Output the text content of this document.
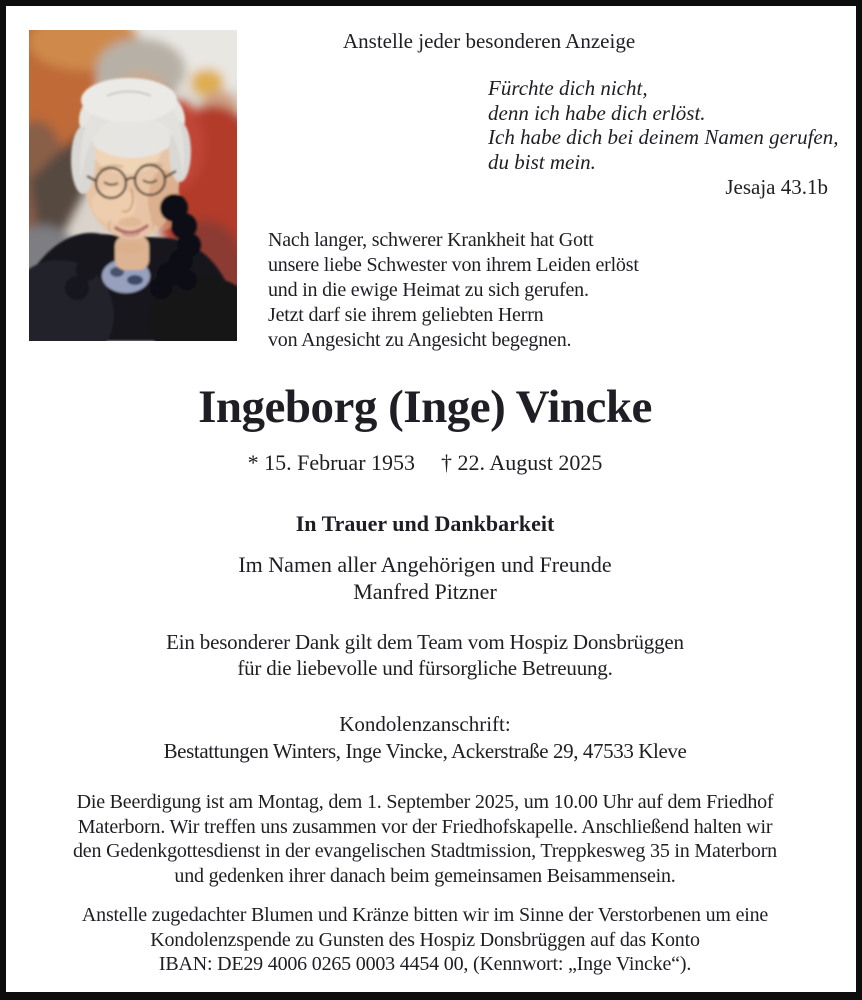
Anstelle jeder besonderen Anzeige
Fürchte dich nicht,
denn ich habe dich erlöst.
Ich habe dich bei deinem Namen gerufen,
du bist mein.
Jesaja 43.1b
Nach langer, schwerer Krankheit hat Gott
unsere liebe Schwester von ihrem Leiden erlöst
und in die ewige Heimat zu sich gerufen.
Jetzt darf sie ihrem geliebten Herrn
von Angesicht zu Angesicht begegnen.
Ingeborg (Inge) Vincke
* 15. Februar 1953 † 22. August 2025
In Trauer und Dankbarkeit
Im Namen aller Angehörigen und Freunde
Manfred Pitzner
Ein besonderer Dank gilt dem Team vom Hospiz Donsbrüggen
für die liebevolle und fürsorgliche Betreuung.
Kondolenzanschrift:
Bestattungen Winters, Inge Vincke, Ackerstraße 29, 47533 Kleve
Die Beerdigung ist am Montag, dem 1. September 2025, um 10.00 Uhr auf dem Friedhof
Materborn. Wir treffen uns zusammen vor der Friedhofskapelle. Anschließend halten wir
den Gedenkgottesdienst in der evangelischen Stadtmission, Treppkesweg 35 in Materborn
und gedenken ihrer danach beim gemeinsamen Beisammensein.
Anstelle zugedachter Blumen und Kränze bitten wir im Sinne der Verstorbenen um eine
Kondolenzspende zu Gunsten des Hospiz Donsbrüggen auf das Konto
IBAN: DE29 4006 0265 0003 4454 00, (Kennwort: „Inge Vincke“).
